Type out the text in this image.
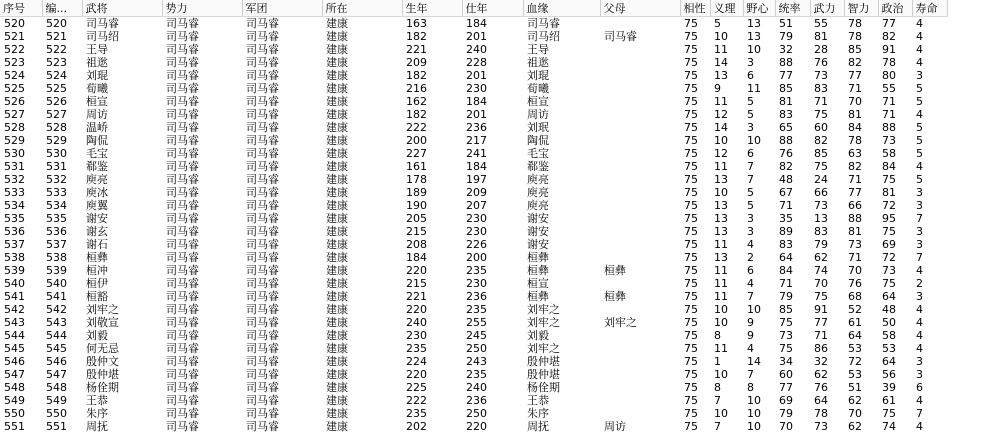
序号	编...	武将	势力	军团	所在	生年	仕年	血缘	父母	相性	义理	野心	统率	武力	智力	政治	寿命
520	520	司马睿	司马睿	司马睿	建康	163	184	司马睿		75	5	13	51	55	78	77	4
521	521	司马绍	司马睿	司马睿	建康	182	201	司马绍	司马睿	75	10	13	79	81	78	82	4
522	522	王导	司马睿	司马睿	建康	221	240	王导		75	11	10	32	28	85	91	4
523	523	祖逖	司马睿	司马睿	建康	209	228	祖逖		75	14	3	88	76	82	78	4
524	524	刘琨	司马睿	司马睿	建康	182	201	刘琨		75	13	6	77	73	77	80	3
525	525	荀曦	司马睿	司马睿	建康	216	230	荀曦		75	9	11	85	83	71	55	5
526	526	桓宣	司马睿	司马睿	建康	162	184	桓宣		75	11	5	81	71	70	71	5
527	527	周访	司马睿	司马睿	建康	182	201	周访		75	12	5	83	75	81	71	4
528	528	温峤	司马睿	司马睿	建康	222	236	刘珉		75	14	3	65	60	84	88	5
529	529	陶侃	司马睿	司马睿	建康	200	217	陶侃		75	10	10	88	82	78	73	5
530	530	毛宝	司马睿	司马睿	建康	227	241	毛宝		75	12	6	76	85	63	58	5
531	531	郗鉴	司马睿	司马睿	建康	161	184	郗鉴		75	11	7	82	75	82	84	4
532	532	庾亮	司马睿	司马睿	建康	178	197	庾亮		75	13	7	48	24	71	75	5
533	533	庾冰	司马睿	司马睿	建康	189	209	庾亮		75	10	5	67	66	77	81	3
534	534	庾翼	司马睿	司马睿	建康	190	207	庾亮		75	13	5	71	73	66	72	3
535	535	谢安	司马睿	司马睿	建康	205	230	谢安		75	13	3	35	13	88	95	7
536	536	谢玄	司马睿	司马睿	建康	215	230	谢安		75	13	3	89	83	81	75	3
537	537	谢石	司马睿	司马睿	建康	208	226	谢安		75	11	4	83	79	73	69	3
538	538	桓彝	司马睿	司马睿	建康	184	200	桓彝		75	13	2	64	62	71	72	7
539	539	桓冲	司马睿	司马睿	建康	220	235	桓彝	桓彝	75	11	6	84	74	70	73	4
540	540	桓伊	司马睿	司马睿	建康	215	230	桓宣		75	11	4	71	70	76	75	2
541	541	桓豁	司马睿	司马睿	建康	221	236	桓彝	桓彝	75	11	7	79	75	68	64	3
542	542	刘牢之	司马睿	司马睿	建康	220	235	刘牢之		75	10	10	85	91	52	48	4
543	543	刘敬宣	司马睿	司马睿	建康	240	255	刘牢之	刘牢之	75	10	9	75	77	61	50	4
544	544	刘毅	司马睿	司马睿	建康	230	245	刘毅		75	8	9	73	71	64	58	4
545	545	何无忌	司马睿	司马睿	建康	235	250	刘牢之		75	11	4	75	86	53	53	4
546	546	殷仲文	司马睿	司马睿	建康	224	243	殷仲堪		75	1	14	34	32	72	64	3
547	547	殷仲堪	司马睿	司马睿	建康	220	235	殷仲堪		75	10	7	60	62	53	56	3
548	548	杨佺期	司马睿	司马睿	建康	225	240	杨佺期		75	8	8	77	76	51	39	6
549	549	王恭	司马睿	司马睿	建康	222	236	王恭		75	7	10	69	64	62	61	4
550	550	朱序	司马睿	司马睿	建康	235	250	朱序		75	10	10	79	78	70	75	7
551	551	周抚	司马睿	司马睿	建康	202	220	周抚	周访	75	7	10	70	73	62	74	4
